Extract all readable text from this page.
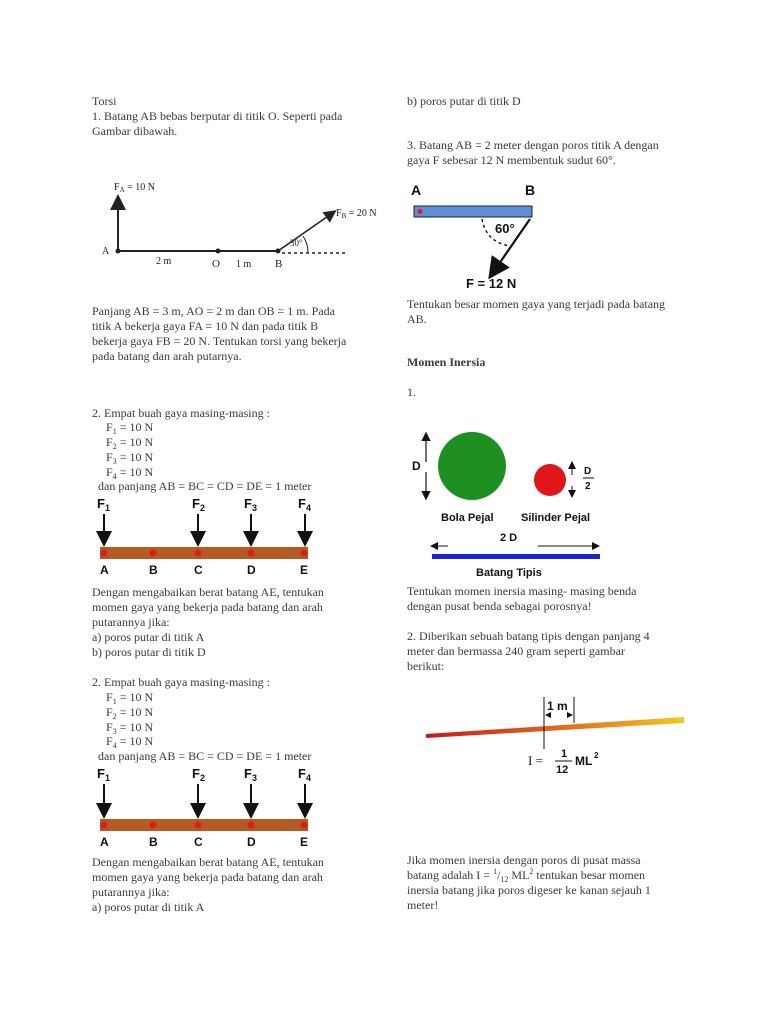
Torsi
1. Batang AB bebas berputar di titik O. Seperti pada
Gambar dibawah.
$F_A = 10$ N
$F_B = 20$ N
A
O	B
2 m	1 m
30°
Panjang AB = 3 m, AO = 2 m dan OB = 1 m. Pada
titik A bekerja gaya FA = 10 N dan pada titik B
bekerja gaya FB = 20 N. Tentukan torsi yang bekerja
pada batang dan arah putarnya.
2. Empat buah gaya masing-masing :
$F_1 = 10$ N
$F_2 = 10$ N
$F_3 = 10$ N
$F_4 = 10$ N
dan panjang AB = BC = CD = DE = 1 meter
$F_1$	$F_2$	$F_3$	$F_4$
A	B	C	D	E
Dengan mengabaikan berat batang AE, tentukan
momen gaya yang bekerja pada batang dan arah
putarannya jika:
a) poros putar di titik A
b) poros putar di titik D
2. Empat buah gaya masing-masing :
$F_1 = 10$ N
$F_2 = 10$ N
$F_3 = 10$ N
$F_4 = 10$ N
dan panjang AB = BC = CD = DE = 1 meter
$F_1$	$F_2$	$F_3$	$F_4$
A	B	C	D	E
Dengan mengabaikan berat batang AE, tentukan
momen gaya yang bekerja pada batang dan arah
putarannya jika:
a) poros putar di titik A
b) poros putar di titik D
3. Batang AB = 2 meter dengan poros titik A dengan
gaya F sebesar 12 N membentuk sudut 60°.
A	B
60°
F = 12 N
Tentukan besar momen gaya yang terjadi pada batang
AB.
Momen Inersia
1.
D	D
2
Bola Pejal Silinder Pejal
2 D
Batang Tipis
Tentukan momen inersia masing- masing benda
dengan pusat benda sebagai porosnya!
2. Diberikan sebuah batang tipis dengan panjang 4
meter dan bermassa 240 gram seperti gambar
berikut:
1 m
I = 1
12
ML 2
Jika momen inersia dengan poros di pusat massa
batang adalah $I = ^1/_{12}$ $ML^2$ tentukan besar momen
inersia batang jika poros digeser ke kanan sejauh 1
meter!
